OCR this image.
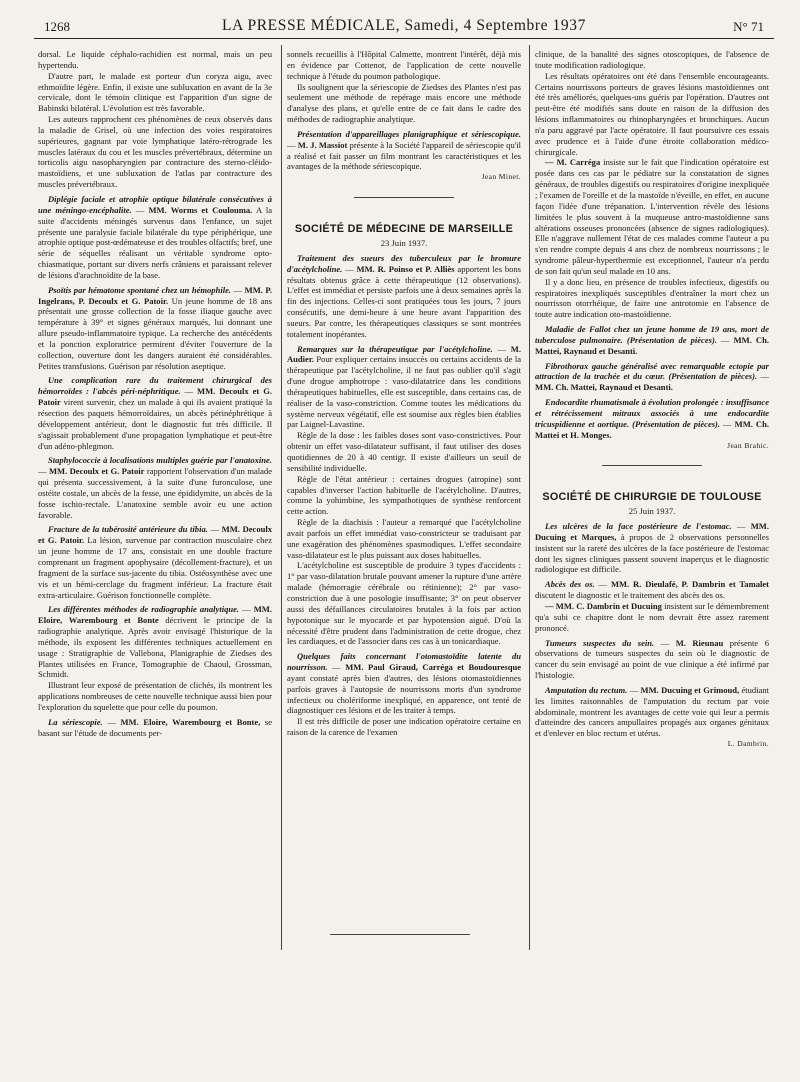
1268	LA PRESSE MÉDICALE, Samedi, 4 Septembre 1937	N° 71

dorsal. Le liquide céphalo-rachidien est normal, mais un peu hypertendu.

D'autre part, le malade est porteur d'un coryza aigu, avec ethmoïdite légère. Enfin, il existe une subluxation en avant de la 3e cervicale, dont le témoin clinique est l'apparition d'un signe de Babinski bilatéral. L'évolution est très favorable.

Les auteurs rapprochent ces phénomènes de ceux observés dans la maladie de Grisel, où une infection des voies respiratoires supérieures, gagnant par voie lymphatique latéro-rétrograde les muscles latéraux du cou et les muscles prévertébraux, détermine un torticolis aigu nasopharyngien par contracture des sterno-cléido-mastoïdiens, et une subluxation de l'atlas par contracture des muscles prévertébraux.

Diplégie faciale et atrophie optique bilatérale consécutives à une méningo-encéphalite. — MM. Worms et Coulouma. A la suite d'accidents méningés survenus dans l'enfance, un sujet présente une paralysie faciale bilatérale du type périphérique, une atrophie optique post-œdémateuse et des troubles olfactifs; bref, une série de séquelles réalisant un véritable syndrome opto-chiasmatique, portant sur divers nerfs crâniens et paraissant relever de lésions d'arachnoïdite de la base.

Psoïtis par hématome spontané chez un hémophile. — MM. P. Ingelrans, P. Decoulx et G. Patoir. Un jeune homme de 18 ans présentait une grosse collection de la fosse iliaque gauche avec température à 39° et signes généraux marqués, lui donnant une allure pseudo-inflammatoire typique. La recherche des antécédents et la ponction exploratrice permirent d'éviter l'ouverture de la collection, ouverture dont les dangers auraient été considérables. Petites transfusions. Guérison par résolution aseptique.

Une complication rare du traitement chirurgical des hémorroïdes : l'abcès péri-néphritique. — MM. Decoulx et G. Patoir virent survenir, chez un malade à qui ils avaient pratiqué la résection des paquets hémorroïdaires, un abcès périnéphrétique à développement antérieur, dont le diagnostic fut très difficile. Il s'agissait probablement d'une propagation lymphatique et peut-être d'un adéno-phlegmon.

Staphylococcie à localisations multiples guérie par l'anatoxine. — MM. Decoulx et G. Patoir rapportent l'observation d'un malade qui présenta successivement, à la suite d'une furonculose, une ostéite costale, un abcès de la fesse, une épididymite, un abcès de la fosse ischio-rectale. L'anatoxine semble avoir eu une action favorable.

Fracture de la tubérosité antérieure du tibia. — MM. Decoulx et G. Patoir. La lésion, survenue par contraction musculaire chez un jeune homme de 17 ans, consistait en une double fracture comprenant un fragment apophysaire (décollement-fracture), et un fragment de la surface sus-jacente du tibia. Ostéosynthèse avec une vis et un hémi-cerclage du fragment inférieur. La fracture était extra-articulaire. Guérison fonctionnelle complète.

Les différentes méthodes de radiographie analytique. — MM. Eloire, Warembourg et Bonte décrivent le principe de la radiographie analytique. Après avoir envisagé l'historique de la méthode, ils exposent les différentes techniques actuellement en usage : Stratigraphie de Vallebona, Planigraphie de Ziedses des Plantes utilisées en France, Tomographie de Chaoul, Grossman, Schmidt.

Illustrant leur exposé de présentation de clichés, ils montrent les applications nombreuses de cette nouvelle technique aussi bien pour l'exploration du squelette que pour celle du poumon.

La sériescopie. — MM. Eloire, Warembourg et Bonte, se basant sur l'étude de documents per-

sonnels recueillis à l'Hôpital Calmette, montrent l'intérêt, déjà mis en évidence par Cottenot, de l'application de cette nouvelle technique à l'étude du poumon pathologique.

Ils soulignent que la sériescopie de Ziedses des Plantes n'est pas seulement une méthode de repérage mais encore une méthode d'analyse des plans, et qu'elle entre de ce fait dans le cadre des méthodes de radiographie analytique.

Présentation d'appareillages planigraphique et sériescopique. — M. J. Massiot présente à la Société l'appareil de sériescopie qu'il a réalisé et fait passer un film montrant les caractéristiques et les avantages de la méthode sériescopique.

Jean Minet.

SOCIÉTÉ DE MÉDECINE DE MARSEILLE
23 Juin 1937.

Traitement des sueurs des tuberculeux par le bromure d'acétylcholine. — MM. R. Poinso et P. Alliès apportent les bons résultats obtenus grâce à cette thérapeutique (12 observations). L'effet est immédiat et persiste parfois une à deux semaines après la fin des injections. Celles-ci sont pratiquées tous les jours, 7 jours consécutifs, une demi-heure à une heure avant l'apparition des sueurs. Par contre, les thérapeutiques classiques se sont montrées totalement inopérantes.

Remarques sur la thérapeutique par l'acétylcholine. — M. Audier. Pour expliquer certains insuccès ou certains accidents de la thérapeutique par l'acétylcholine, il ne faut pas oublier qu'il s'agit d'une drogue amphotrope : vaso-dilatatrice dans les conditions thérapeutiques habituelles, elle est susceptible, dans certains cas, de réaliser de la vaso-constriction. Comme toutes les médications du système nerveux végétatif, elle est soumise aux règles bien établies par Laignel-Lavastine.

Règle de la dose : les faibles doses sont vaso-constrictives. Pour obtenir un effet vaso-dilatateur suffisant, il faut utiliser des doses quotidiennes de 20 à 40 centigr. Il existe d'ailleurs un seuil de sensibilité individuelle.

Règle de l'état antérieur : certaines drogues (atropine) sont capables d'inverser l'action habituelle de l'acétylcholine. D'autres, comme la yohimbine, les sympathotiques de synthèse renforcent cette action.

Règle de la diachisis : l'auteur a remarqué que l'acétylcholine avait parfois un effet immédiat vaso-constricteur se traduisant par une exagération des phénomènes spasmodiques. L'effet secondaire vaso-dilatateur est le plus puissant aux doses habituelles.

L'acétylcholine est susceptible de produire 3 types d'accidents : 1° par vaso-dilatation brutale pouvant amener la rupture d'une artère malade (hémorragie cérébrale ou rétinienne); 2° par vaso-constriction due à une posologie insuffisante; 3° on peut observer aussi des défaillances circulatoires brutales à la fois par action hypotonique sur le myocarde et par hypotension aiguë. D'où la nécessité d'être prudent dans l'administration de cette drogue, chez les cardiaques, et de l'associer dans ces cas à un tonicardiaque.

Quelques faits concernant l'otomastoïdite latente du nourrisson. — MM. Paul Giraud, Carréga et Boudouresque ayant constaté après bien d'autres, des lésions otomastoïdiennes parfois graves à l'autopsie de nourrissons morts d'un syndrome infectieux ou cholériforme inexpliqué, en apparence, ont tenté de diagnostiquer ces lésions et de les traiter à temps.

Il est très difficile de poser une indication opératoire certaine en raison de la carence de l'examen

clinique, de la banalité des signes otoscopiques, de l'absence de toute modification radiologique.

Les résultats opératoires ont été dans l'ensemble encourageants. Certains nourrissons porteurs de graves lésions mastoïdiennes ont été très améliorés, quelques-uns guéris par l'opération. D'autres ont peut-être été modifiés sans doute en raison de la diffusion des lésions inflammatoires ou rhinopharyngées et bronchiques. Aucun n'a paru aggravé par l'acte opératoire. Il faut poursuivre ces essais avec prudence et à l'aide d'une étroite collaboration médico-chirurgicale.

— M. Carréga insiste sur le fait que l'indication opératoire est posée dans ces cas par le pédiatre sur la constatation de signes généraux, de troubles digestifs ou respiratoires d'origine inexpliquée ; l'examen de l'oreille et de la mastoïde n'éveille, en effet, en aucune façon l'idée d'une trépanation. L'intervention révèle des lésions limitées le plus souvent à la muqueuse antro-mastoïdienne sans altérations osseuses prononcées (absence de signes radiologiques). Elle n'aggrave nullement l'état de ces malades comme l'auteur a pu s'en rendre compte depuis 4 ans chez de nombreux nourrissons ; le syndrome pâleur-hyperthermie est exceptionnel, l'auteur n'a perdu de son fait qu'un seul malade en 10 ans.

Il y a donc lieu, en présence de troubles infectieux, digestifs ou respiratoires inexpliqués susceptibles d'entraîner la mort chez un nourrisson otorrhéique, de faire une antrotomie en l'absence de toute autre indication oto-mastoïdienne.

Maladie de Fallot chez un jeune homme de 19 ans, mort de tuberculose pulmonaire. (Présentation de pièces). — MM. Ch. Mattei, Raynaud et Desanti.

Fibrothorax gauche généralisé avec remarquable ectopie par attraction de la trachée et du cœur. (Présentation de pièces). — MM. Ch. Mattei, Raynaud et Desanti.

Endocardite rhumatismale à évolution prolongée : insuffisance et rétrécissement mitraux associés à une endocardite tricuspidienne et aortique. (Présentation de pièces). — MM. Ch. Mattei et H. Monges.

Jean Brahic.

SOCIÉTÉ DE CHIRURGIE DE TOULOUSE
25 Juin 1937.

Les ulcères de la face postérieure de l'estomac. — MM. Ducuing et Marques, à propos de 2 observations personnelles insistent sur la rareté des ulcères de la face postérieure de l'estomac dont les signes cliniques passent souvent inaperçus et le diagnostic radiologique est difficile.

Abcès des os. — MM. R. Dieulafé, P. Dambrin et Tamalet discutent le diagnostic et le traitement des abcès des os.

— MM. C. Dambrin et Ducuing insistent sur le démembrement qu'a subi ce chapitre dont le nom devrait être assez rarement prononcé.

Tumeurs suspectes du sein. — M. Rieunau présente 6 observations de tumeurs suspectes du sein où le diagnostic de cancer du sein envisagé au point de vue clinique a été infirmé par l'histologie.

Amputation du rectum. — MM. Ducuing et Grimoud, étudiant les limites raisonnables de l'amputation du rectum par voie abdominale, montrent les avantages de cette voie qui leur a permis d'atteindre des cancers ampullaires propagés aux organes génitaux et d'enlever en bloc rectum et utérus.

L. Dambrin.
